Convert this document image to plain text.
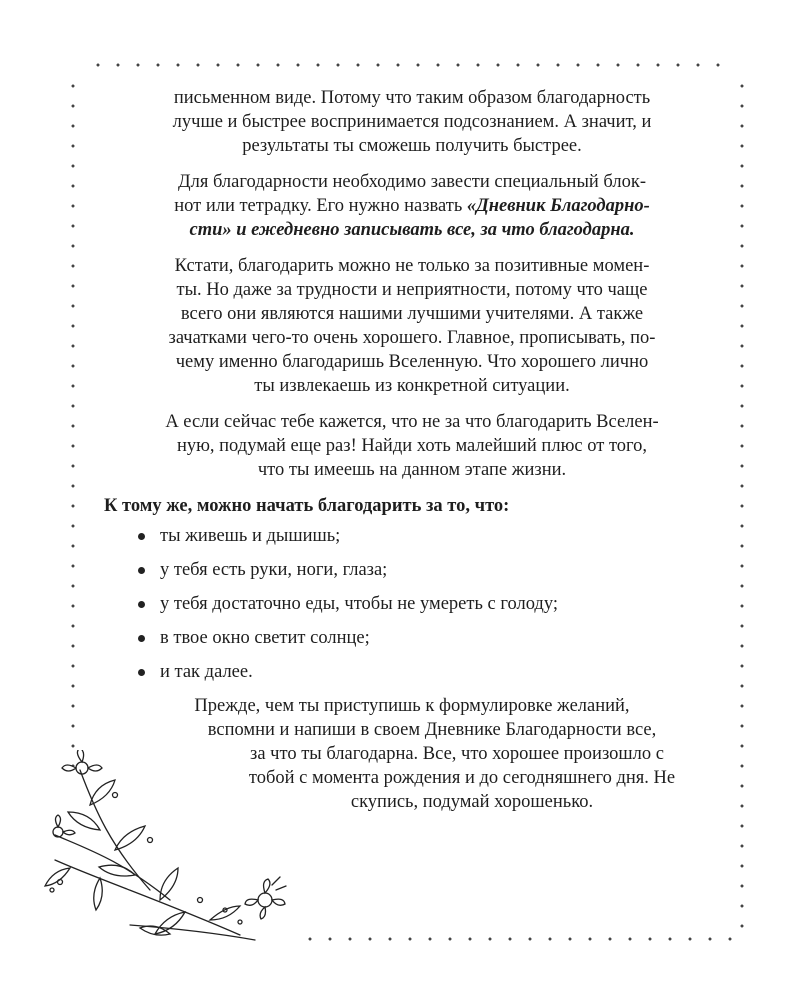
письменном виде. Потому что таким образом благодарность
лучше и быстрее воспринимается подсознанием. А значит, и
результаты ты сможешь получить быстрее.

Для благодарности необходимо завести специальный блок-
нот или тетрадку. Его нужно назвать «Дневник Благодарно-
сти» и ежедневно записывать все, за что благодарна.

Кстати, благодарить можно не только за позитивные момен-
ты. Но даже за трудности и неприятности, потому что чаще
всего они являются нашими лучшими учителями. А также
зачатками чего-то очень хорошего. Главное, прописывать, по-
чему именно благодаришь Вселенную. Что хорошего лично
ты извлекаешь из конкретной ситуации.

А если сейчас тебе кажется, что не за что благодарить Вселен-
ную, подумай еще раз! Найди хоть малейший плюс от того,
что ты имеешь на данном этапе жизни.

К тому же, можно начать благодарить за то, что:

ты живешь и дышишь;
у тебя есть руки, ноги, глаза;
у тебя достаточно еды, чтобы не умереть с голоду;
в твое окно светит солнце;
и так далее.

Прежде, чем ты приступишь к формулировке желаний,
вспомни и напиши в своем Дневнике Благодарности все,
за что ты благодарна. Все, что хорошее произошло с
тобой с момента рождения и до сегодняшнего дня. Не
скупись, подумай хорошенько.
